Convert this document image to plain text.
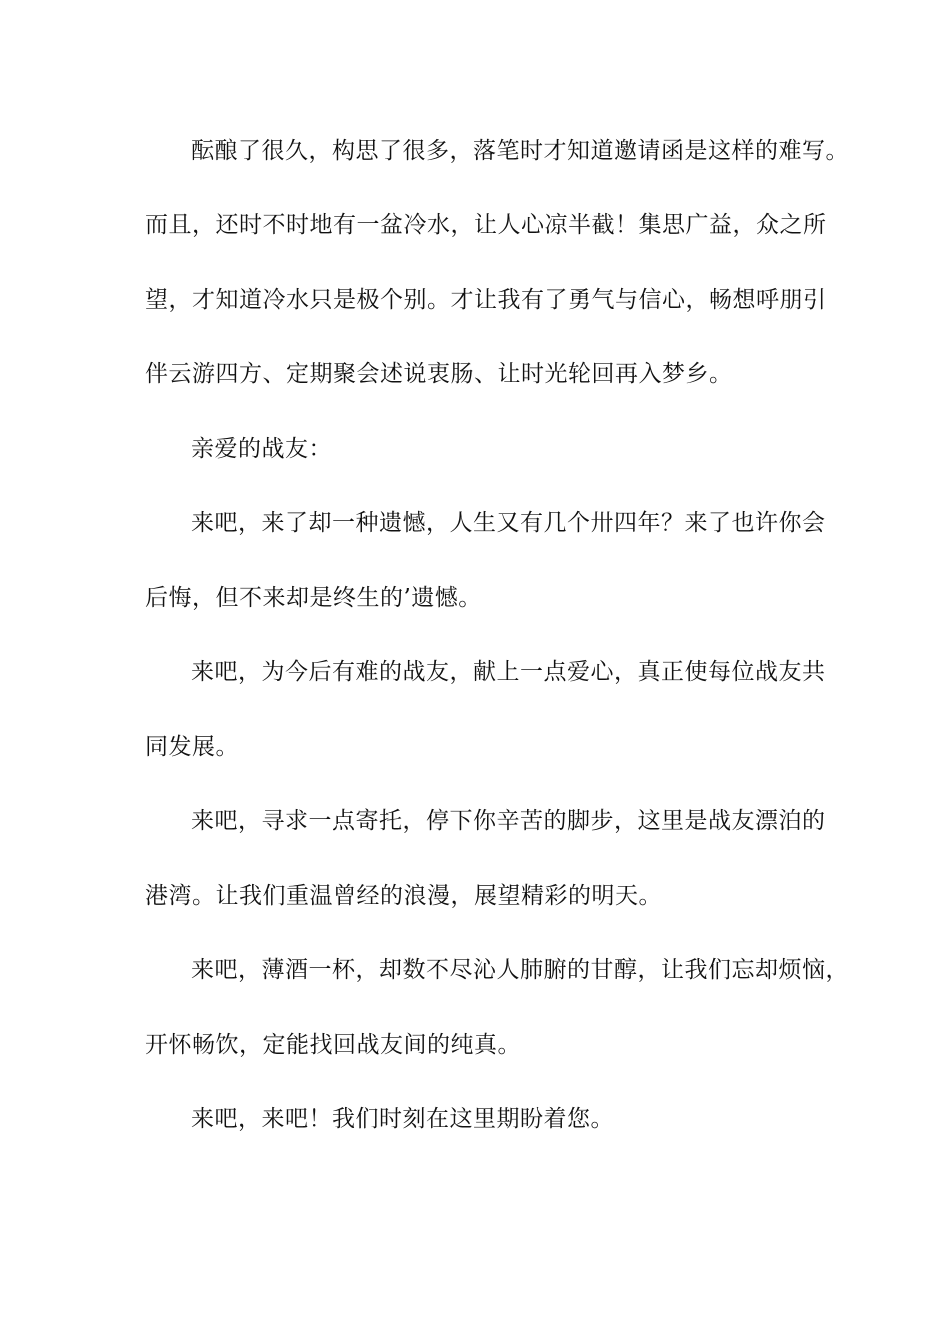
酝酿了很久，构思了很多，落笔时才知道邀请函是这样的难写。
而且，还时不时地有一盆冷水，让人心凉半截！集思广益，众之所
望，才知道冷水只是极个别。才让我有了勇气与信心，畅想呼朋引
伴云游四方、定期聚会述说衷肠、让时光轮回再入梦乡。
亲爱的战友：
来吧，来了却一种遗憾，人生又有几个卅四年？来了也许你会
后悔，但不来却是终生的’遗憾。
来吧，为今后有难的战友，献上一点爱心，真正使每位战友共
同发展。
来吧，寻求一点寄托，停下你辛苦的脚步，这里是战友漂泊的
港湾。让我们重温曾经的浪漫，展望精彩的明天。
来吧，薄酒一杯，却数不尽沁人肺腑的甘醇，让我们忘却烦恼，
开怀畅饮，定能找回战友间的纯真。
来吧，来吧！我们时刻在这里期盼着您。
